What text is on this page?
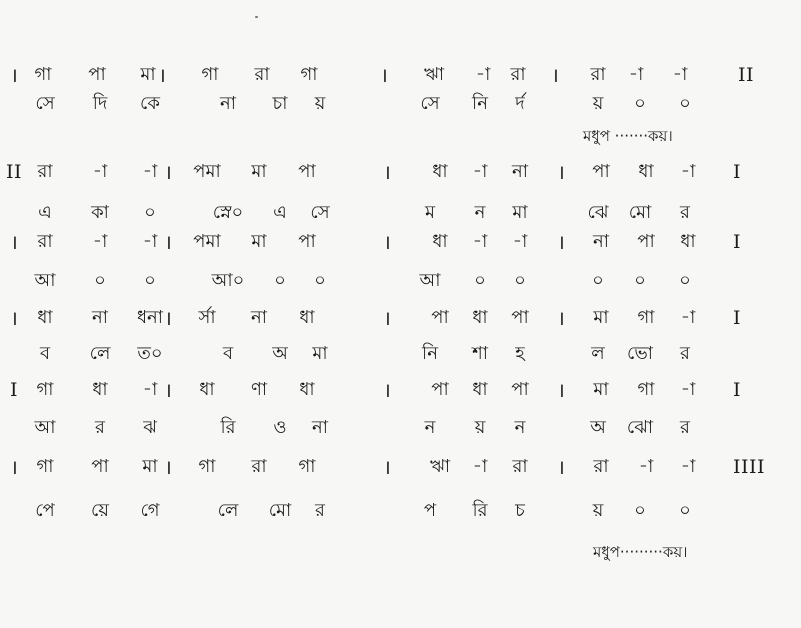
মধুপ ·······কয়।
মধুপ·········কয়।
। গা পা মা । গা রা গা	। ঋা -া রা । রা -া -া	II
সে দি কে	না চা য়	সে নি র্দ	য় ০ ০
II রা -া -া । পমা মা পা	। ধা -া না । পা ধা -া I
এ কা ০	স্নে০ এ সে	ম ন মা	ঝে মো র
। রা -া -া । পমা মা পা	। ধা -া -া । না পা ধা I
আ ০ ০	আ০ ০ ০	আ ০ ০	০ ০ ০
। ধা না ধনা । র্সা না ধা	। পা ধা পা । মা গা -া I
ব লে ত০	ব অ মা	নি শা হ	ল ভো র
I গা ধা -া । ধা ণা ধা	। পা ধা পা । মা গা -া I
আ র ঝ	রি ও না	ন য় ন	অ ঝো র
। গা পা মা । গা রা গা	। ঋা -া রা । রা -া -া IIII
পে য়ে গে	লে মো র	প রি চ	য় ০ ০
